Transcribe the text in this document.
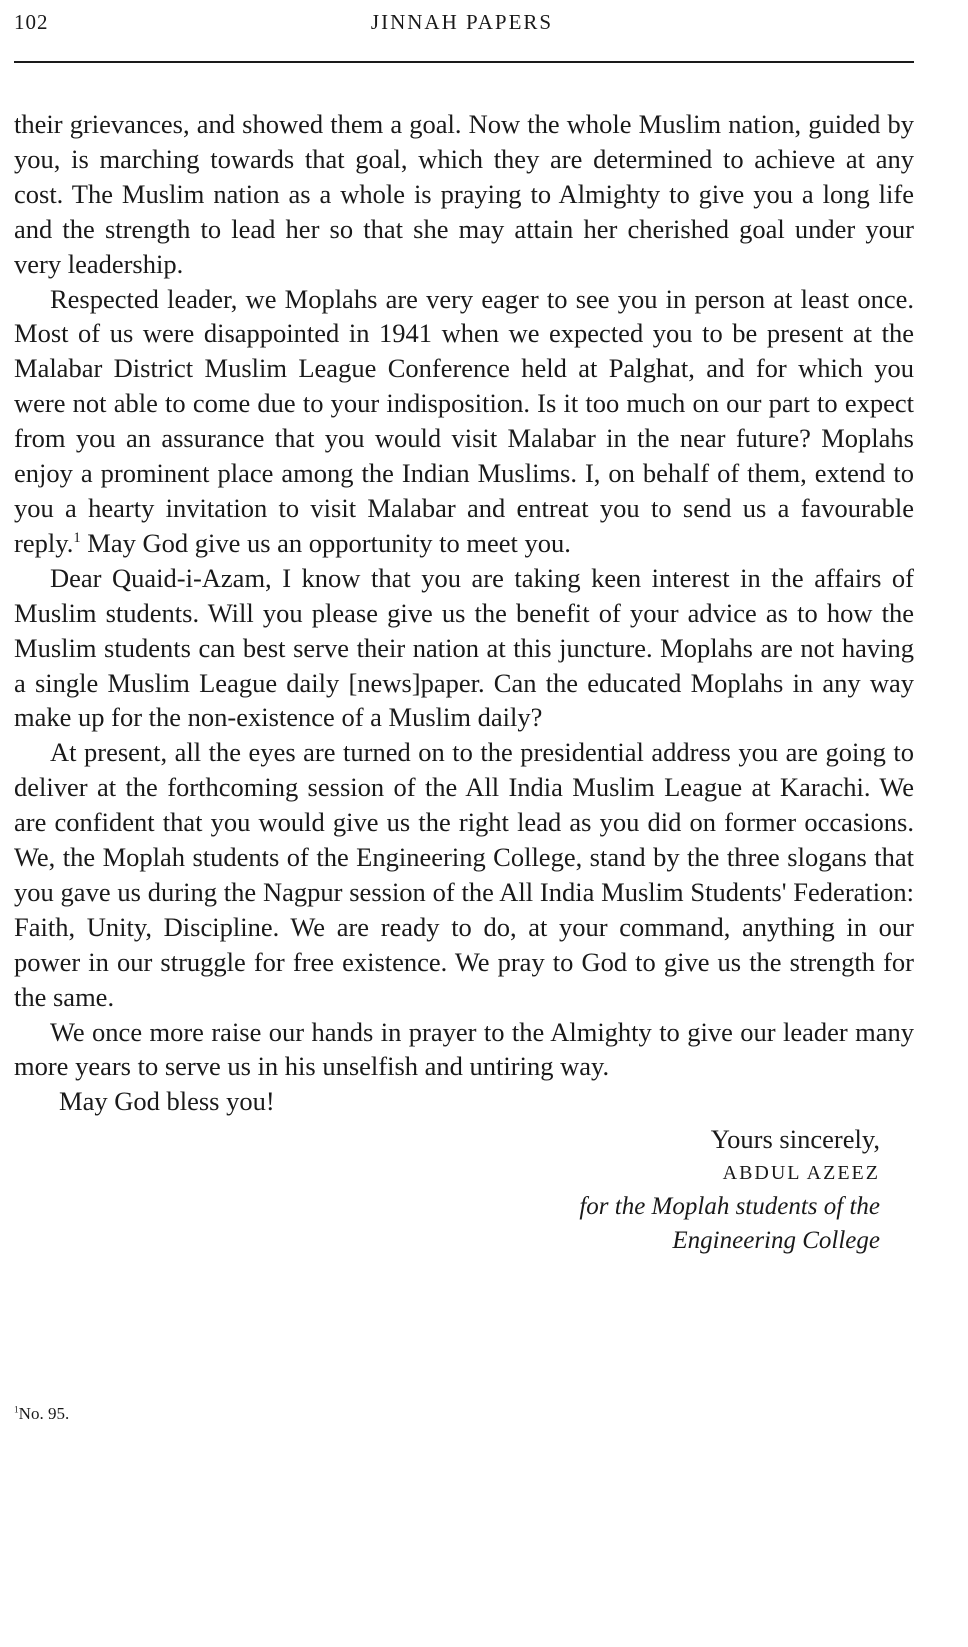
102	JINNAH PAPERS

their grievances, and showed them a goal. Now the whole Muslim nation, guided by you, is marching towards that goal, which they are determined to achieve at any cost. The Muslim nation as a whole is praying to Almighty to give you a long life and the strength to lead her so that she may attain her cherished goal under your very leadership.

Respected leader, we Moplahs are very eager to see you in person at least once. Most of us were disappointed in 1941 when we expected you to be present at the Malabar District Muslim League Conference held at Palghat, and for which you were not able to come due to your indisposition. Is it too much on our part to expect from you an assurance that you would visit Malabar in the near future? Moplahs enjoy a prominent place among the Indian Muslims. I, on behalf of them, extend to you a hearty invitation to visit Malabar and entreat you to send us a favourable reply.$^1$ May God give us an opportunity to meet you.

Dear Quaid-i-Azam, I know that you are taking keen interest in the affairs of Muslim students. Will you please give us the benefit of your advice as to how the Muslim students can best serve their nation at this juncture. Moplahs are not having a single Muslim League daily [news]paper. Can the educated Moplahs in any way make up for the non-existence of a Muslim daily?

At present, all the eyes are turned on to the presidential address you are going to deliver at the forthcoming session of the All India Muslim League at Karachi. We are confident that you would give us the right lead as you did on former occasions. We, the Moplah students of the Engineering College, stand by the three slogans that you gave us during the Nagpur session of the All India Muslim Students' Federation: Faith, Unity, Discipline. We are ready to do, at your command, anything in our power in our struggle for free existence. We pray to God to give us the strength for the same.

We once more raise our hands in prayer to the Almighty to give our leader many more years to serve us in his unselfish and untiring way.

May God bless you!

Yours sincerely,
ABDUL AZEEZ
for the Moplah students of the
Engineering College
$^1$No. 95.
